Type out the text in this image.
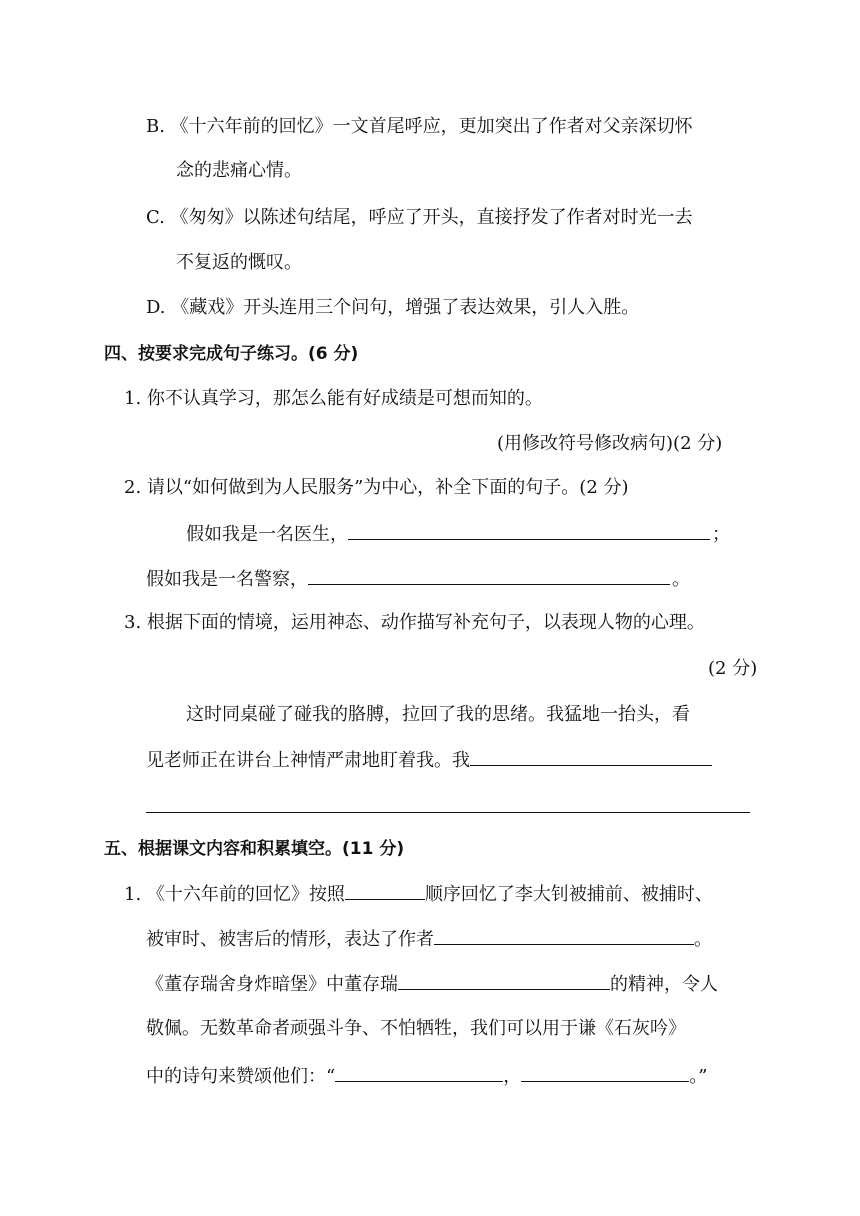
B. 《十六年前的回忆》一文首尾呼应，更加突出了作者对父亲深切怀
念的悲痛心情。
C. 《匆匆》以陈述句结尾，呼应了开头，直接抒发了作者对时光一去
不复返的慨叹。
D. 《藏戏》开头连用三个问句，增强了表达效果，引人入胜。
四、按要求完成句子练习。(6 分)
1. 你不认真学习，那怎么能有好成绩是可想而知的。
(用修改符号修改病句)(2 分)
2. 请以“如何做到为人民服务”为中心，补全下面的句子。(2 分)
假如我是一名医生，	；
假如我是一名警察，	。
3. 根据下面的情境，运用神态、动作描写补充句子，以表现人物的心理。
(2 分)
这时同桌碰了碰我的胳膊，拉回了我的思绪。我猛地一抬头，看
见老师正在讲台上神情严肃地盯着我。我
五、根据课文内容和积累填空。(11 分)
1. 《十六年前的回忆》按照	顺序回忆了李大钊被捕前、被捕时、
被审时、被害后的情形，表达了作者	。
《董存瑞舍身炸暗堡》中董存瑞	的精神，令人
敬佩。无数革命者顽强斗争、不怕牺牲，我们可以用于谦《石灰吟》
中的诗句来赞颂他们：“	，	。”
